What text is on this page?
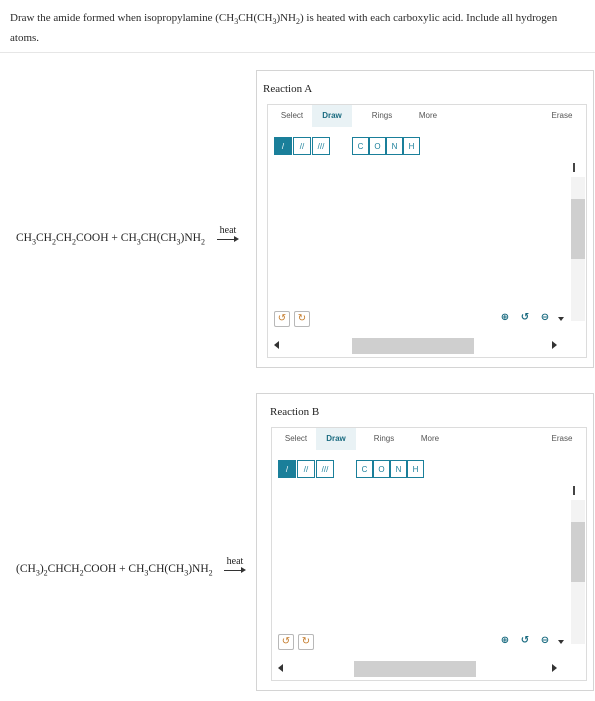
Draw the amide formed when isopropylamine $(CH_3CH(CH_3)NH_2)$ is heated with each carboxylic acid. Include all hydrogen atoms.
$CH_3CH_2CH_2COOH + CH_3CH(CH_3)NH_2$
heat
Reaction A
Select	Draw	Rings	More	Erase
/	//	///	C	O	N	H
↺	↻	⊕ ↺ ⊖
$(CH_3)_2CHCH_2COOH + CH_3CH(CH_3)NH_2$
heat
Reaction B
Select	Draw	Rings	More	Erase
/	//	///	C	O	N	H
↺	↻	⊕ ↺ ⊖
